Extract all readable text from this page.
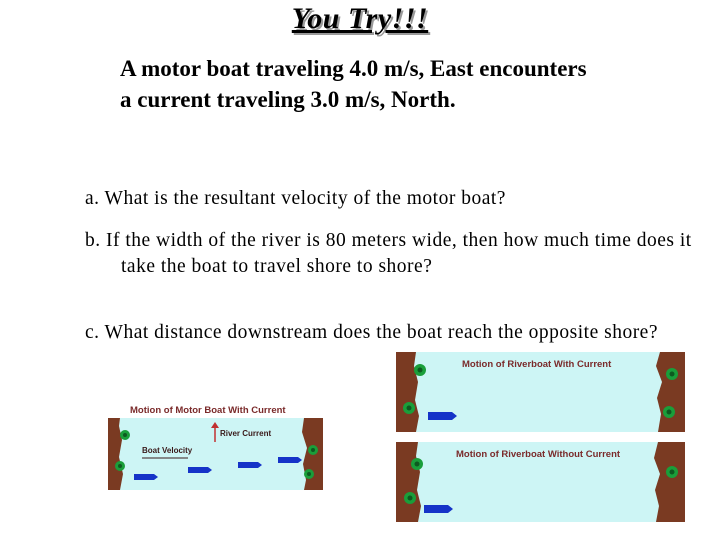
You Try!!!
A motor boat traveling 4.0 m/s, East encounters a current traveling 3.0 m/s, North.
a. What is the resultant velocity of the motor boat?
b. If the width of the river is 80 meters wide, then how much time does it take the boat to travel shore to shore?
c. What distance downstream does the boat reach the opposite shore?
Motion of Motor Boat With Current
River Current
Boat Velocity
Motion of Riverboat With Current
Motion of Riverboat Without Current
